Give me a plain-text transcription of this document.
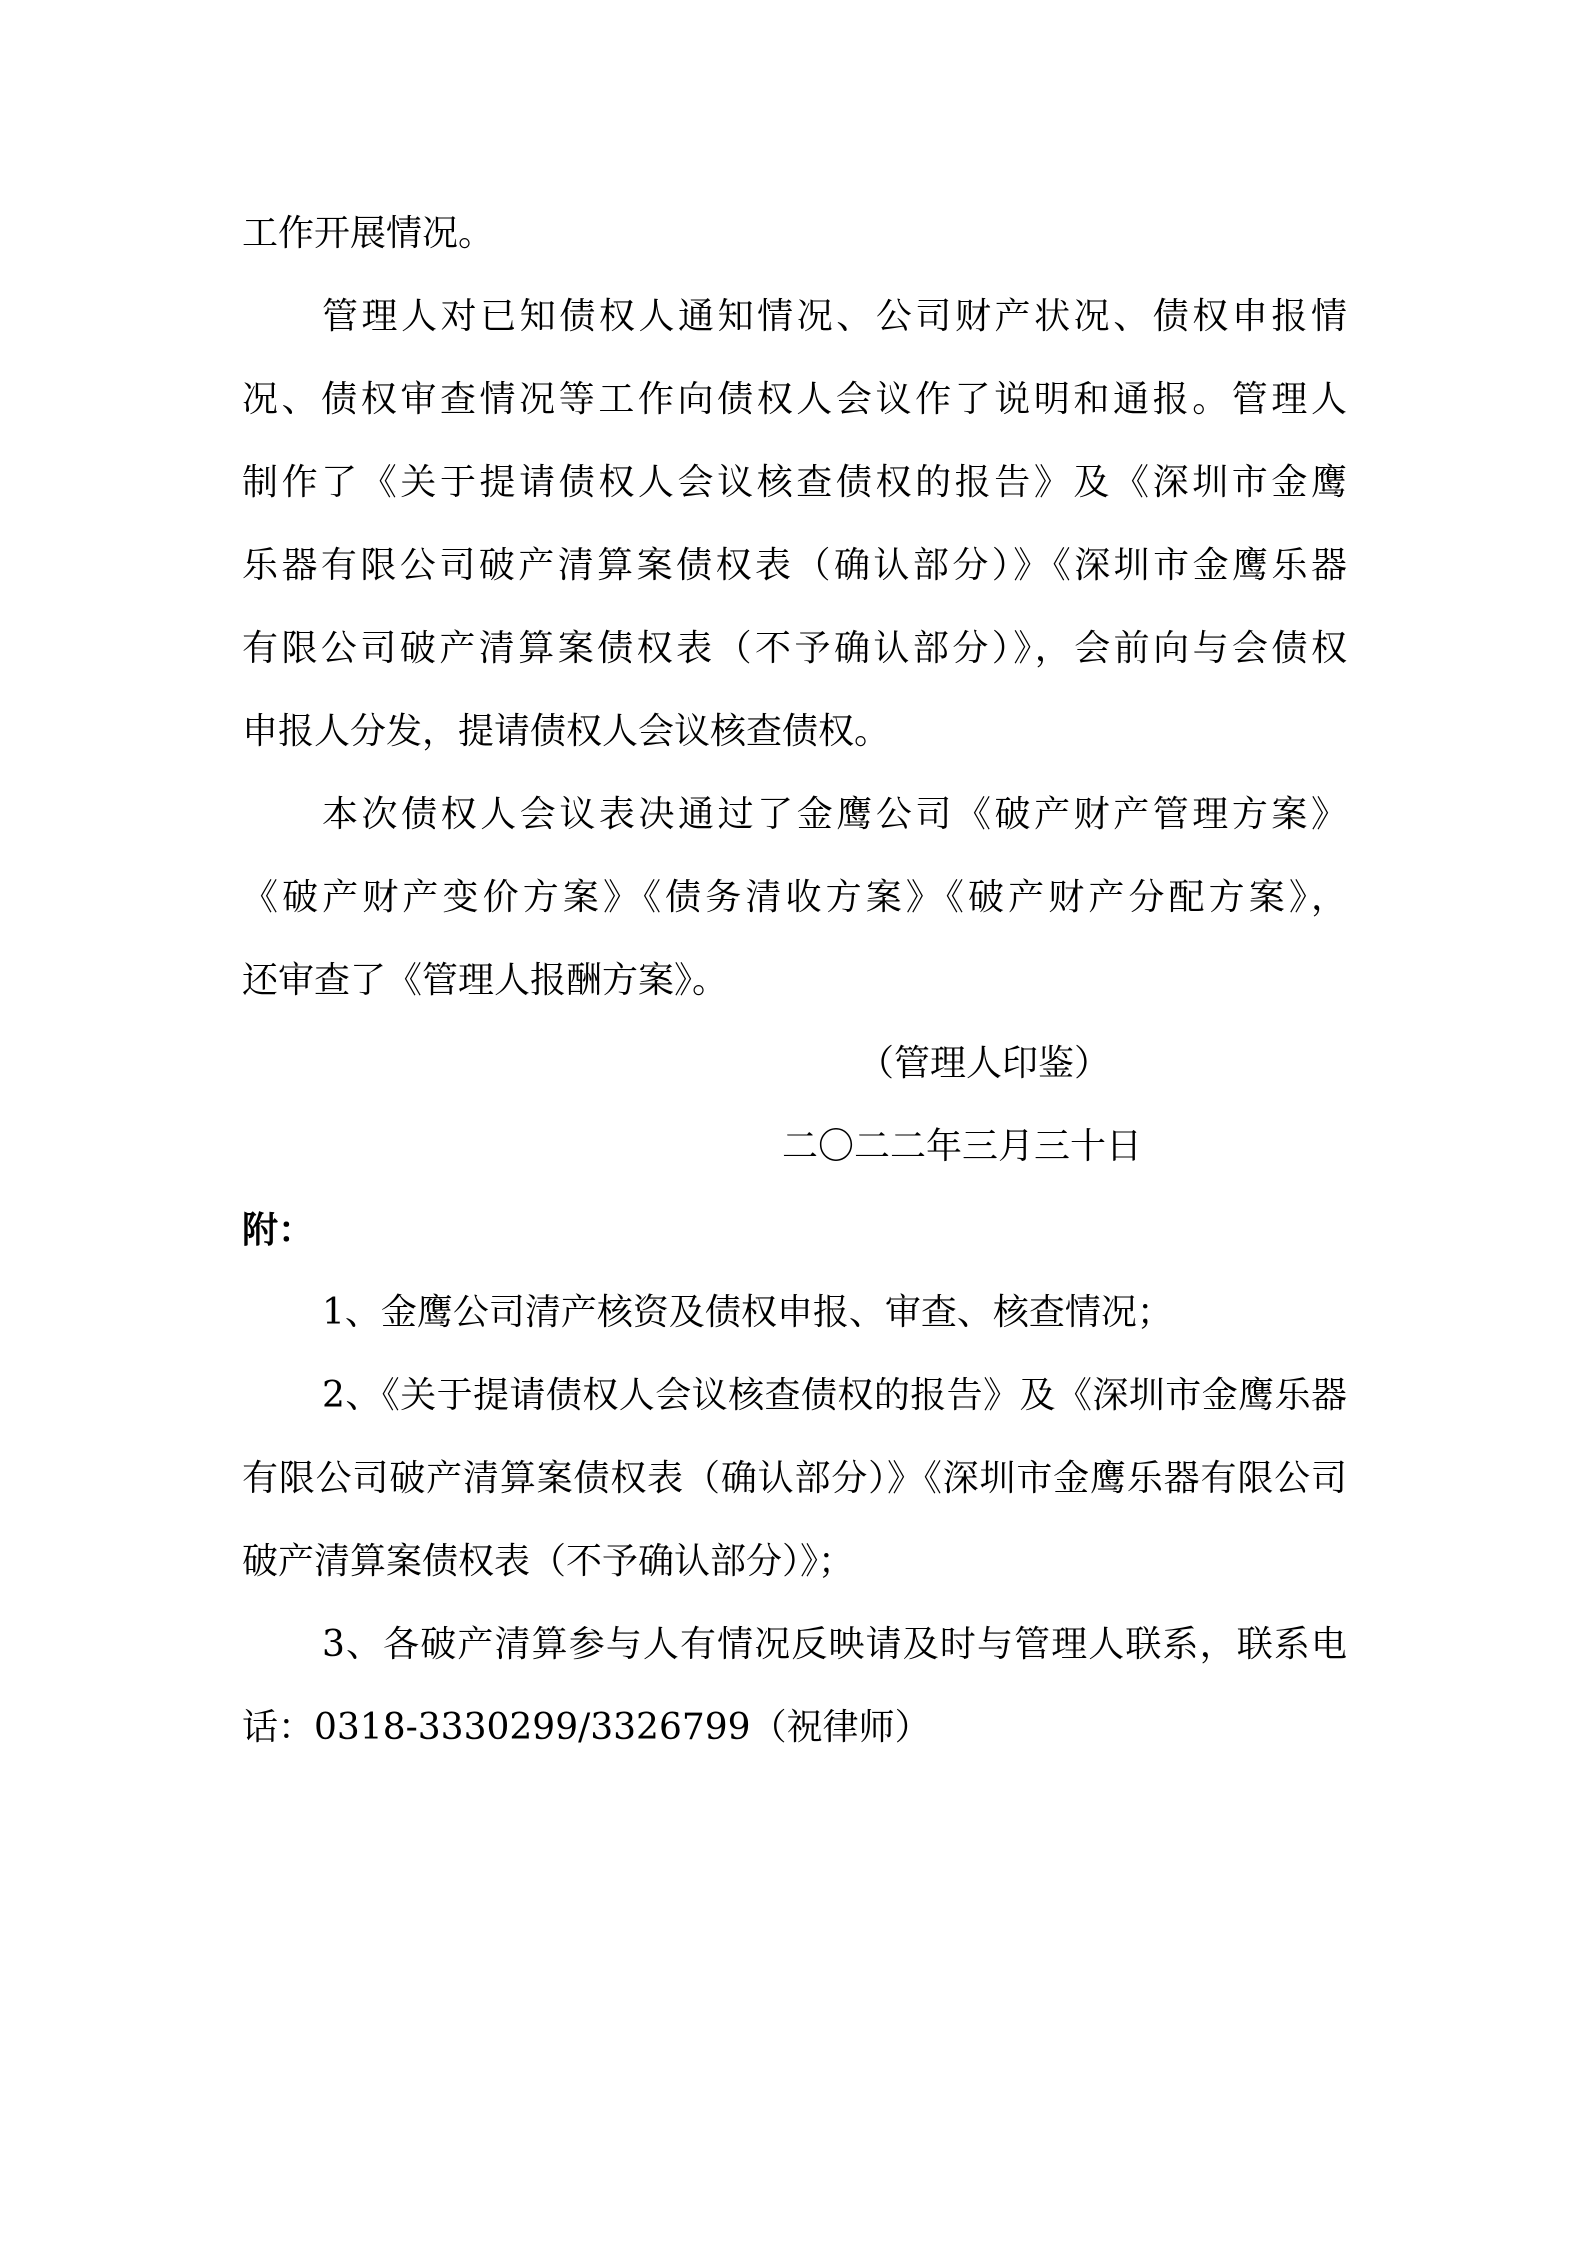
工作开展情况。
管理人对已知债权人通知情况、公司财产状况、债权申报情
况、债权审查情况等工作向债权人会议作了说明和通报。管理人
制作了《关于提请债权人会议核查债权的报告》及《深圳市金鹰
乐器有限公司破产清算案债权表（确认部分）》《深圳市金鹰乐器
有限公司破产清算案债权表（不予确认部分）》，会前向与会债权
申报人分发，提请债权人会议核查债权。
本次债权人会议表决通过了金鹰公司《破产财产管理方案》
《破产财产变价方案》《债务清收方案》《破产财产分配方案》，
还审查了《管理人报酬方案》。
（管理人印鉴）
二〇二二年三月三十日
附：
1、金鹰公司清产核资及债权申报、审查、核查情况；
2、《关于提请债权人会议核查债权的报告》及《深圳市金鹰乐器
有限公司破产清算案债权表（确认部分）》《深圳市金鹰乐器有限公司
破产清算案债权表（不予确认部分）》；
3、各破产清算参与人有情况反映请及时与管理人联系，联系电
话：0318-3330299/3326799（祝律师）
